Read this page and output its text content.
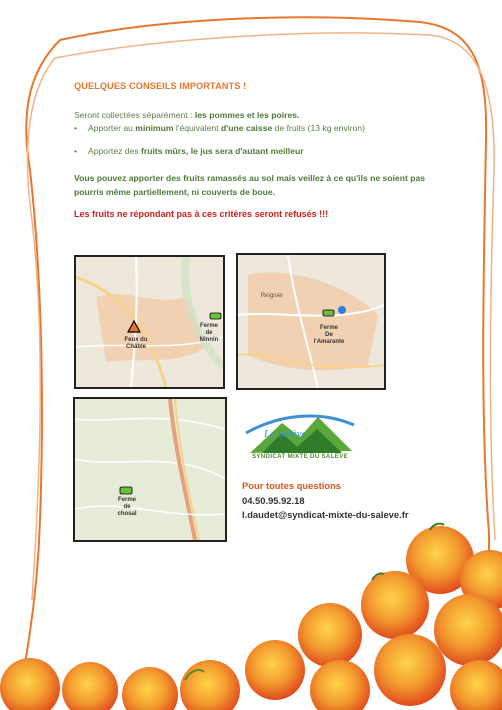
QUELQUES CONSEILS IMPORTANTS !
Seront collectées séparément : les pommes et les poires.
• Apporter au minimum l'équivalent d'une caisse de fruits (13 kg environ)
• Apportez des fruits mûrs, le jus sera d'autant meilleur
Vous pouvez apporter des fruits ramassés au sol mais veillez à ce qu'ils ne soient pas pourris même partiellement, ni couverts de boue.
Les fruits ne répondant pas à ces critères seront refusés !!!
Feux du
Châble
Ferme
de
Ninnin
Reignier
Ferme
De
l'Amarante
Ferme
de
chosal
Le Salève
SYNDICAT MIXTE DU SALÈVE
Pour toutes questions
04.50.95.92.18
l.daudet@syndicat-mixte-du-saleve.fr
